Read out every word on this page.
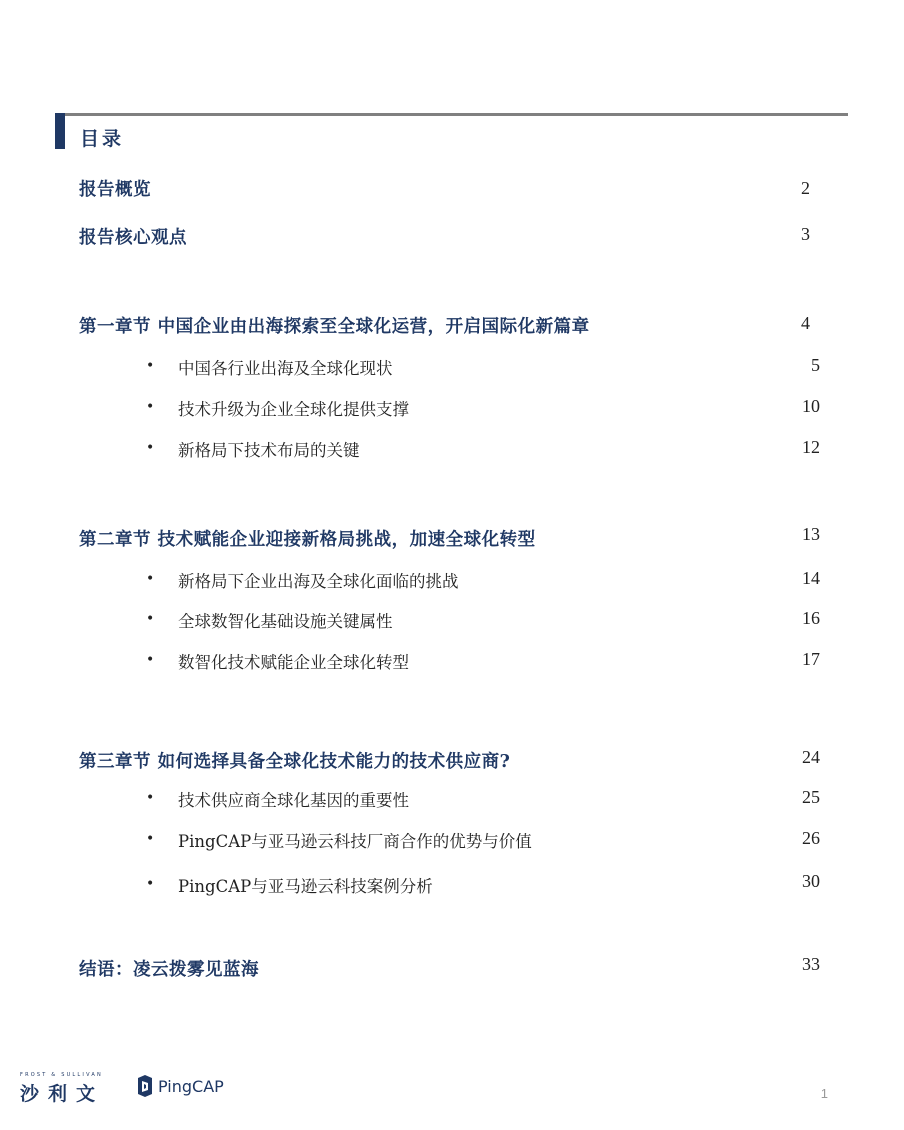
目录
报告概览	2
报告核心观点	3
第一章节 中国企业由出海探索至全球化运营，开启国际化新篇章	4
• 中国各行业出海及全球化现状	5
• 技术升级为企业全球化提供支撑	10
• 新格局下技术布局的关键	12
第二章节 技术赋能企业迎接新格局挑战，加速全球化转型	13
• 新格局下企业出海及全球化面临的挑战	14
• 全球数智化基础设施关键属性	16
• 数智化技术赋能企业全球化转型	17
第三章节 如何选择具备全球化技术能力的技术供应商?	24
• 技术供应商全球化基因的重要性	25
• PingCAP与亚马逊云科技厂商合作的优势与价值	26
• PingCAP与亚马逊云科技案例分析	30
结语：凌云拨雾见蓝海	33
FROST & SULLIVAN
沙利文	PingCAP	1
